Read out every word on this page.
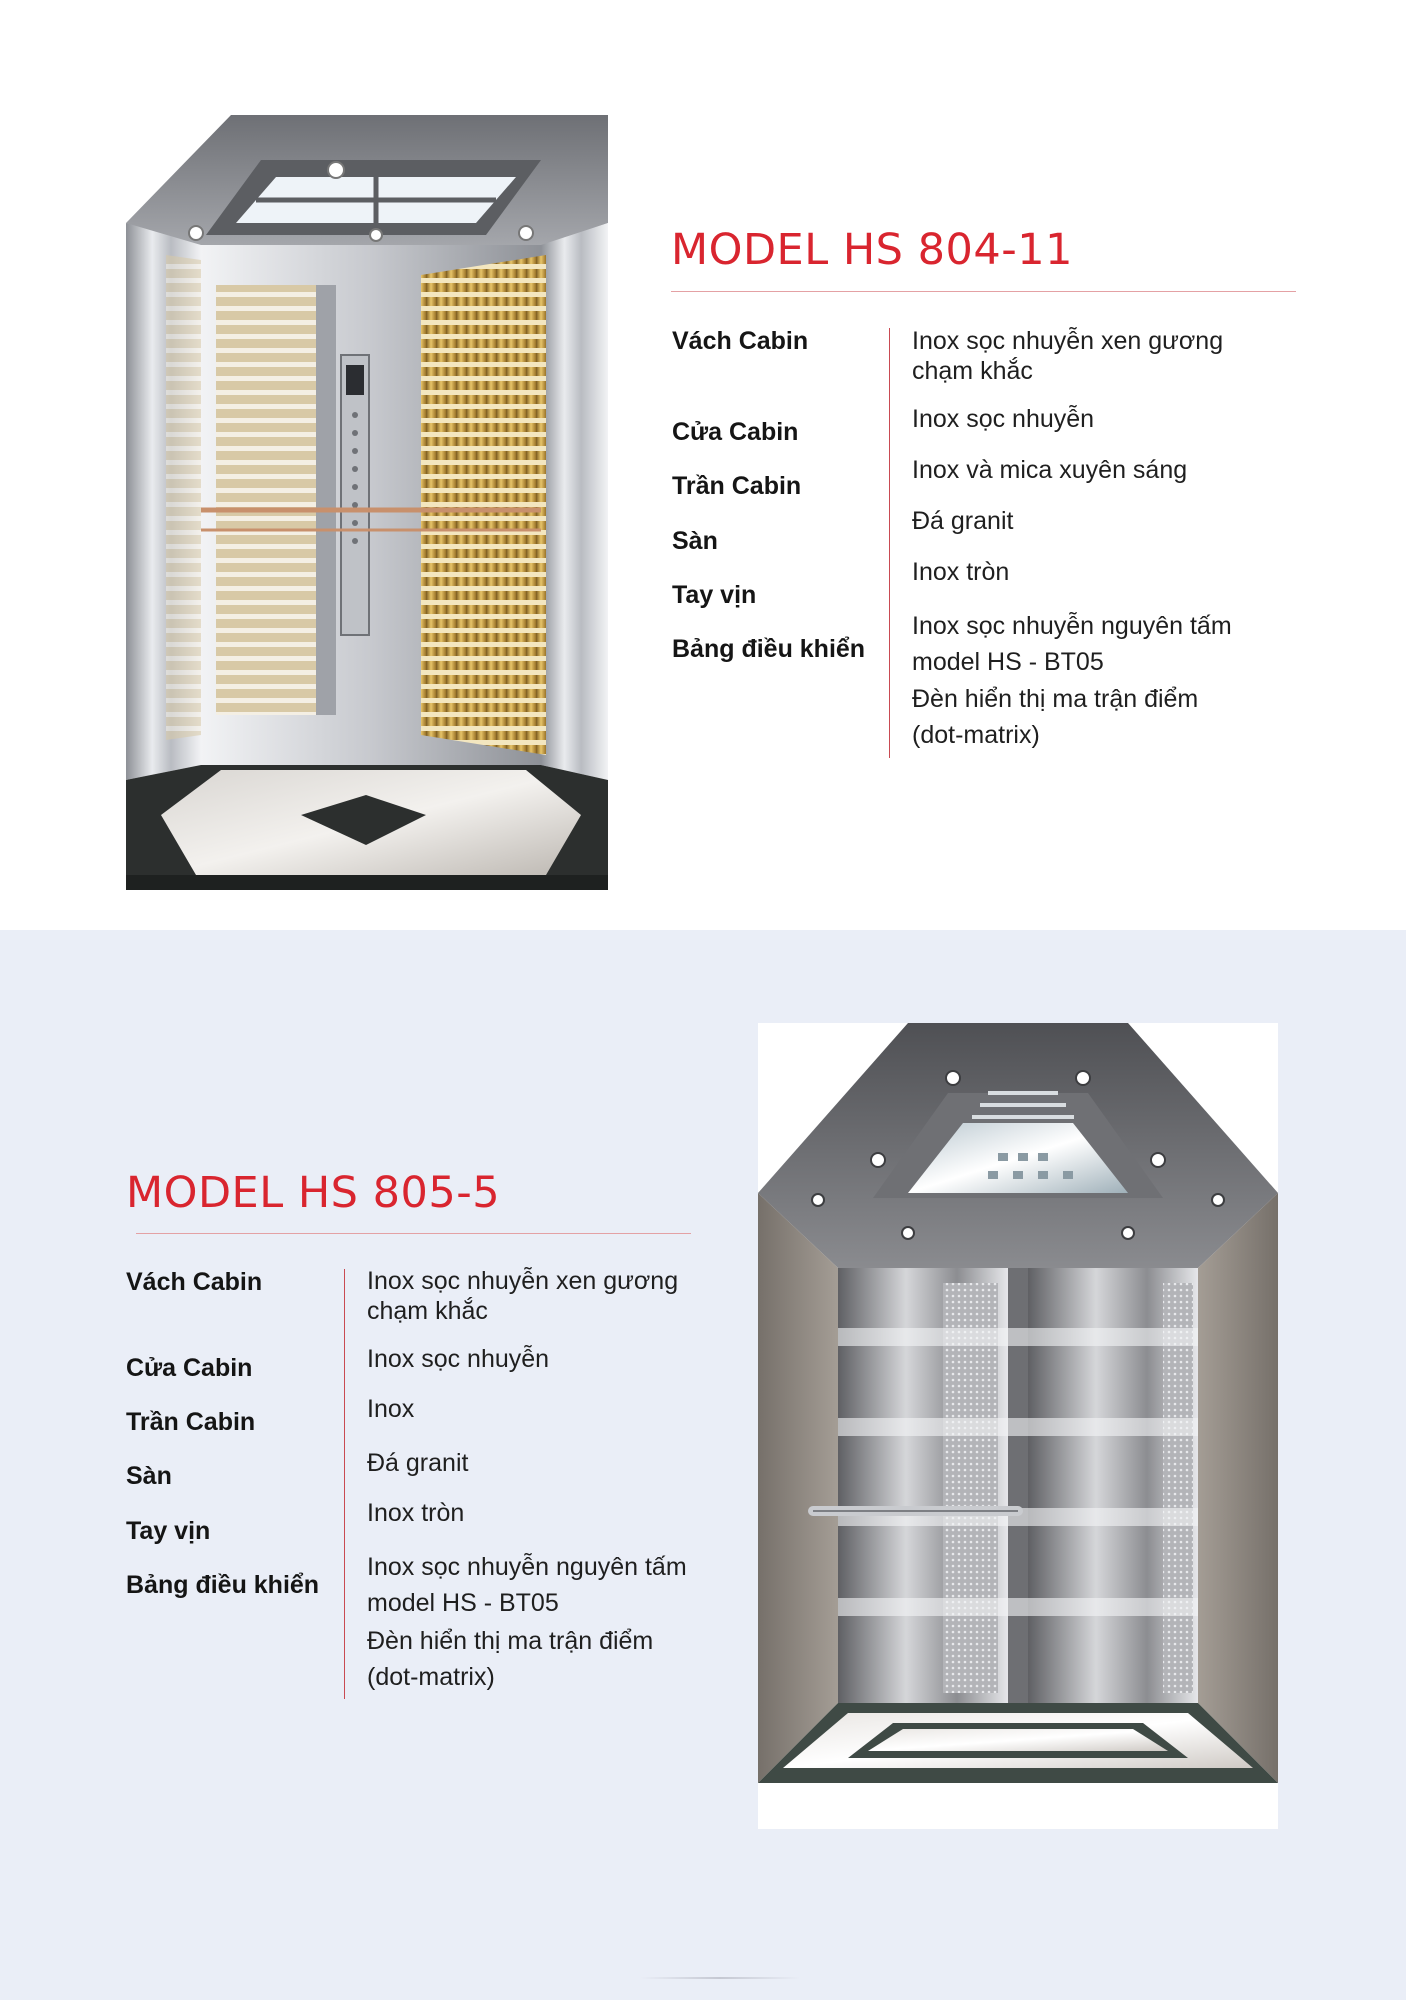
MODEL HS 804-11
Vách Cabin
Cửa Cabin
Trần Cabin
Sàn
Tay vịn
Bảng điều khiển
Inox sọc nhuyễn xen gương chạm khắc
Inox sọc nhuyễn
Inox và mica xuyên sáng
Đá granit
Inox tròn
Inox sọc nhuyễn nguyên tấm model HS - BT05
Đèn hiển thị ma trận điểm (dot-matrix)
MODEL HS 805-5
Vách Cabin
Cửa Cabin
Trần Cabin
Sàn
Tay vịn
Bảng điều khiển
Inox sọc nhuyễn xen gương chạm khắc
Inox sọc nhuyễn
Inox
Đá granit
Inox tròn
Inox sọc nhuyễn nguyên tấm model HS - BT05
Đèn hiển thị ma trận điểm (dot-matrix)
